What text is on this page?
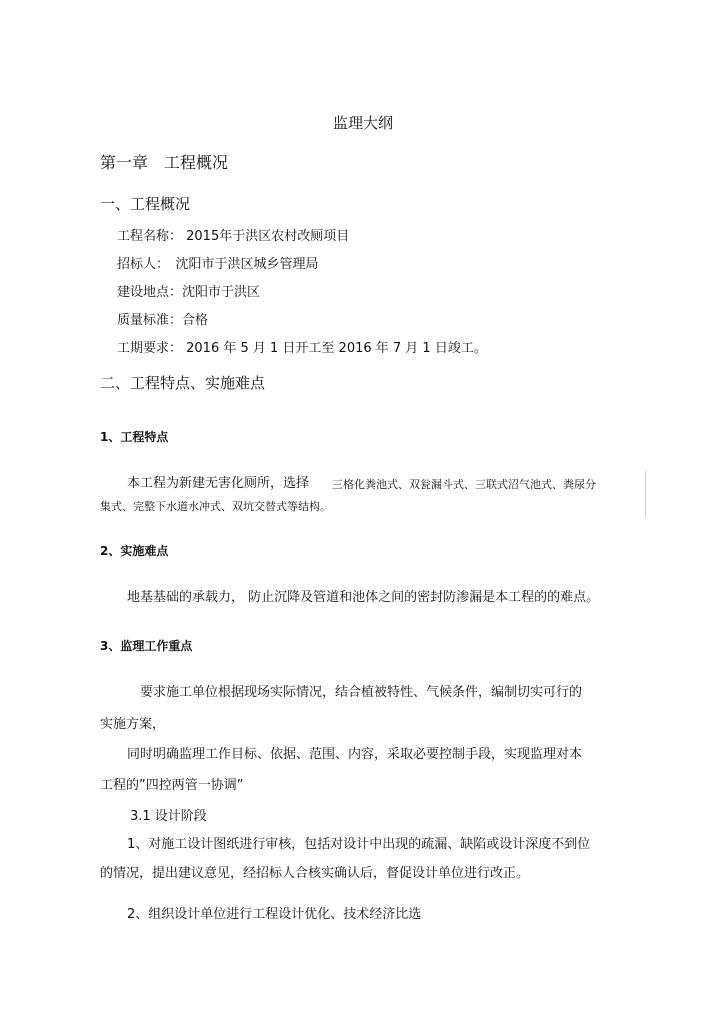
监理大纲
第一章　工程概况
一、工程概况
工程名称： 2015年于洪区农村改厕项目
招标人：　沈阳市于洪区城乡管理局
建设地点：沈阳市于洪区
质量标准：合格
工期要求： 2016 年 5 月 1 日开工至 2016 年 7 月 1 日竣工。
二、工程特点、实施难点
1、工程特点
本工程为新建无害化厕所，选择 三格化粪池式、双瓮漏斗式、三联式沼气池式、粪尿分
集式、完整下水道水冲式、双坑交替式等结构。
2、实施难点
地基基础的承载力， 防止沉降及管道和池体之间的密封防渗漏是本工程的的难点。
3、监理工作重点
要求施工单位根据现场实际情况，结合植被特性、气候条件，编制切实可行的
实施方案，
同时明确监理工作目标、依据、范围、内容，采取必要控制手段，实现监理对本
工程的”四控两管一协调”
3.1 设计阶段
1、对施工设计图纸进行审核，包括对设计中出现的疏漏、缺陷或设计深度不到位
的情况，提出建议意见，经招标人合核实确认后，督促设计单位进行改正。
2、组织设计单位进行工程设计优化、技术经济比选
